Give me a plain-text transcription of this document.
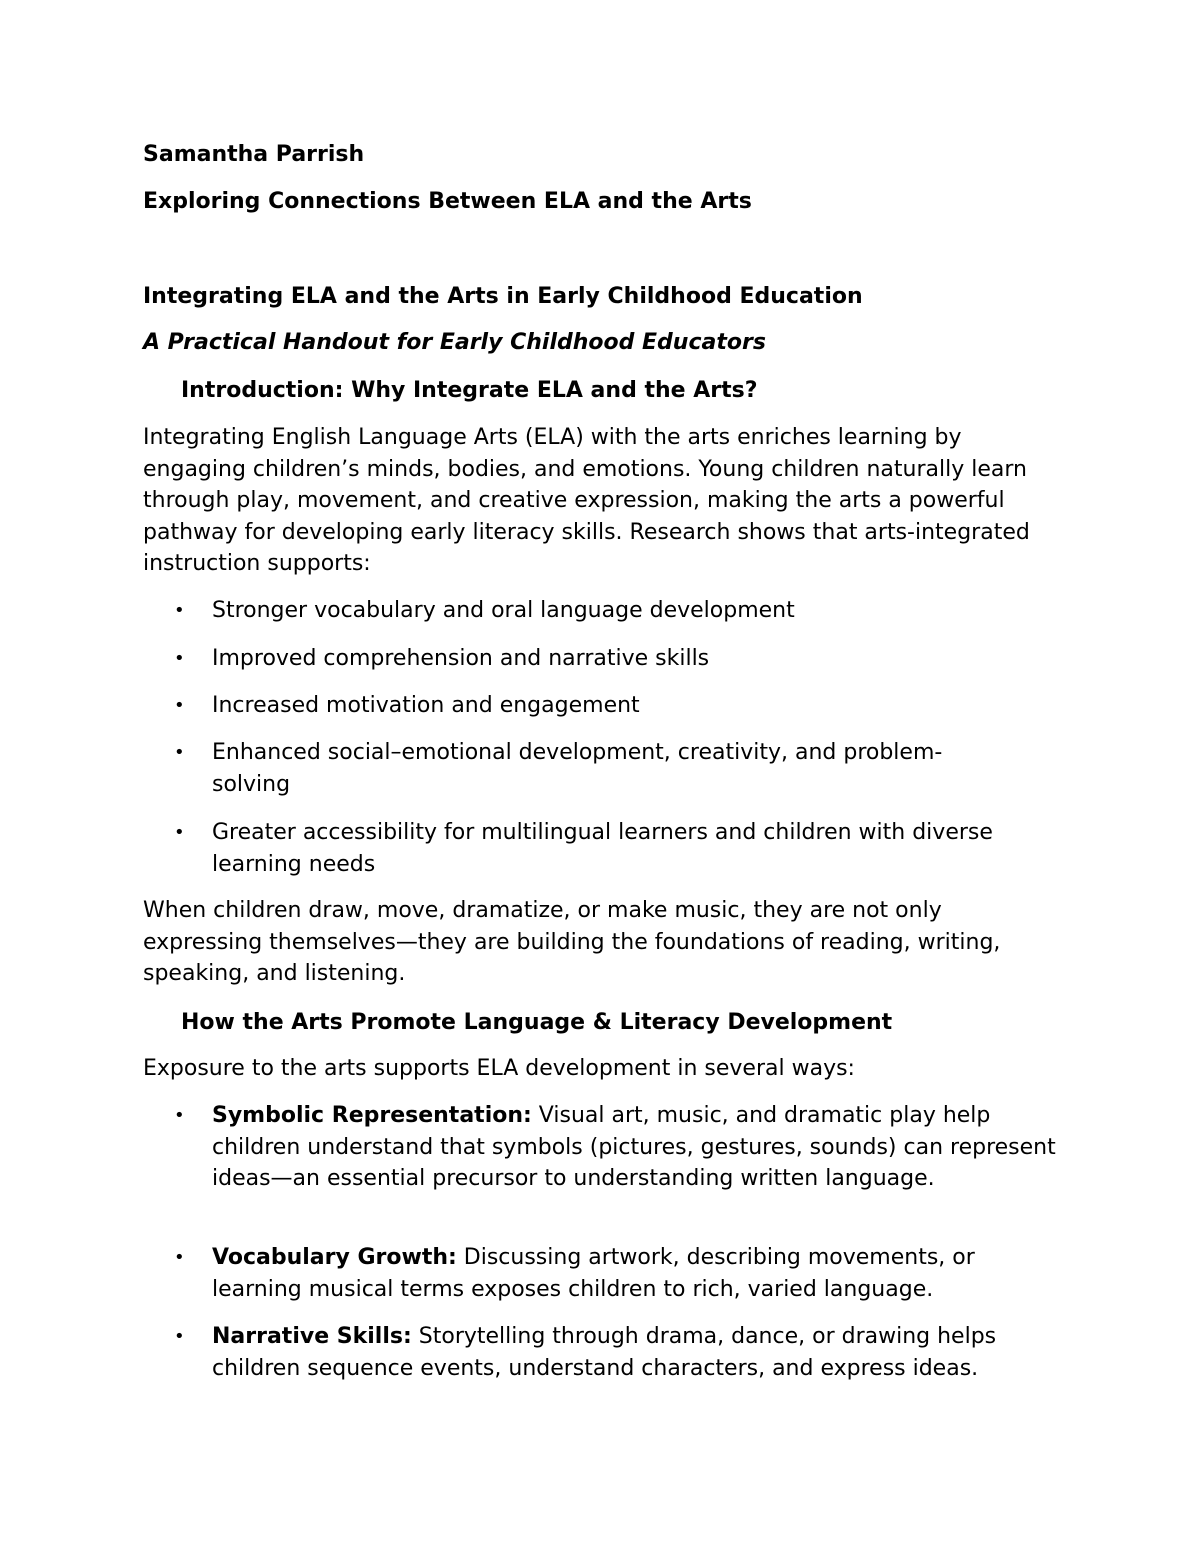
Samantha Parrish

Exploring Connections Between ELA and the Arts

Integrating ELA and the Arts in Early Childhood Education

A Practical Handout for Early Childhood Educators

Introduction: Why Integrate ELA and the Arts?

Integrating English Language Arts (ELA) with the arts enriches learning by engaging children’s minds, bodies, and emotions. Young children naturally learn through play, movement, and creative expression, making the arts a powerful pathway for developing early literacy skills. Research shows that arts-integrated instruction supports:

•	Stronger vocabulary and oral language development
•	Improved comprehension and narrative skills
•	Increased motivation and engagement
•	Enhanced social–emotional development, creativity, and problem-solving
•	Greater accessibility for multilingual learners and children with diverse learning needs

When children draw, move, dramatize, or make music, they are not only expressing themselves—they are building the foundations of reading, writing, speaking, and listening.

How the Arts Promote Language & Literacy Development

Exposure to the arts supports ELA development in several ways:

•	Symbolic Representation: Visual art, music, and dramatic play help children understand that symbols (pictures, gestures, sounds) can represent ideas—an essential precursor to understanding written language.
•	Vocabulary Growth: Discussing artwork, describing movements, or learning musical terms exposes children to rich, varied language.
•	Narrative Skills: Storytelling through drama, dance, or drawing helps children sequence events, understand characters, and express ideas.
